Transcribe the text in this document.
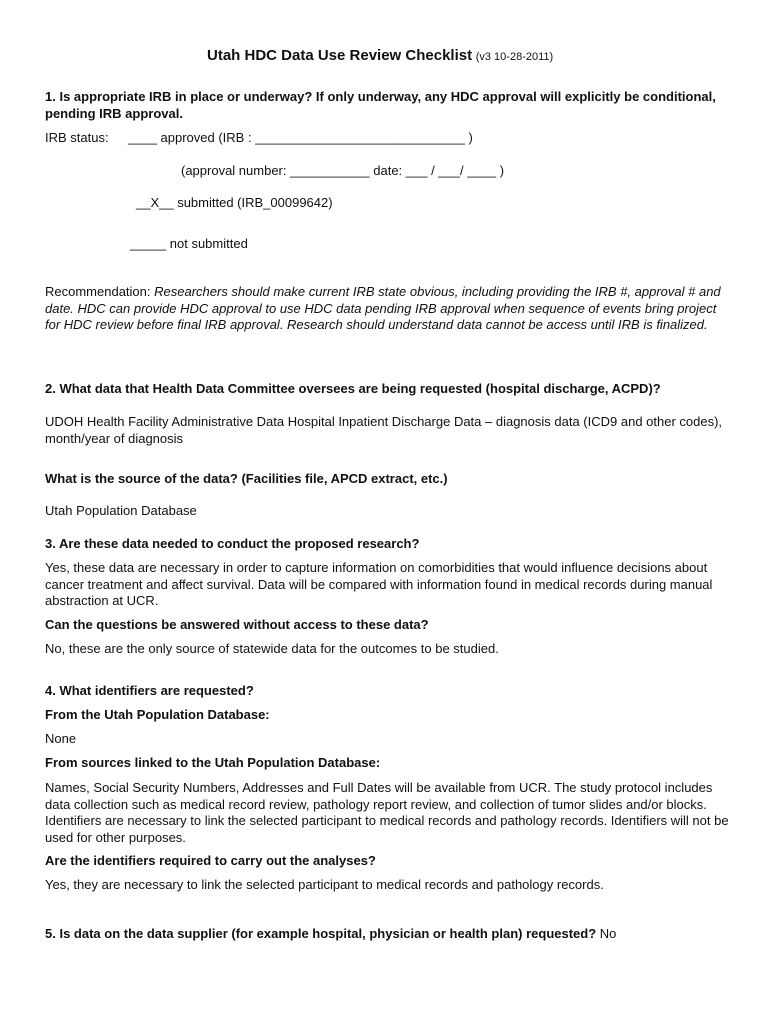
Utah HDC Data Use Review Checklist (v3 10-28-2011)

1. Is appropriate IRB in place or underway? If only underway, any HDC approval will explicitly be conditional, pending IRB approval.

IRB status: ____ approved (IRB : _____________________________ )
(approval number: ___________ date: ___ / ___/ ____ )
__X__ submitted (IRB_00099642)
_____ not submitted

Recommendation: Researchers should make current IRB state obvious, including providing the IRB #, approval # and date. HDC can provide HDC approval to use HDC data pending IRB approval when sequence of events bring project for HDC review before final IRB approval. Research should understand data cannot be access until IRB is finalized.

2. What data that Health Data Committee oversees are being requested (hospital discharge, ACPD)?

UDOH Health Facility Administrative Data Hospital Inpatient Discharge Data – diagnosis data (ICD9 and other codes), month/year of diagnosis

What is the source of the data? (Facilities file, APCD extract, etc.)
Utah Population Database
3. Are these data needed to conduct the proposed research?

Yes, these data are necessary in order to capture information on comorbidities that would influence decisions about cancer treatment and affect survival. Data will be compared with information found in medical records during manual abstraction at UCR.

Can the questions be answered without access to these data?
No, these are the only source of statewide data for the outcomes to be studied.
4. What identifiers are requested?
From the Utah Population Database:
None
From sources linked to the Utah Population Database:

Names, Social Security Numbers, Addresses and Full Dates will be available from UCR. The study protocol includes data collection such as medical record review, pathology report review, and collection of tumor slides and/or blocks. Identifiers are necessary to link the selected participant to medical records and pathology records. Identifiers will not be used for other purposes.

Are the identifiers required to carry out the analyses?
Yes, they are necessary to link the selected participant to medical records and pathology records.
5. Is data on the data supplier (for example hospital, physician or health plan) requested? No
